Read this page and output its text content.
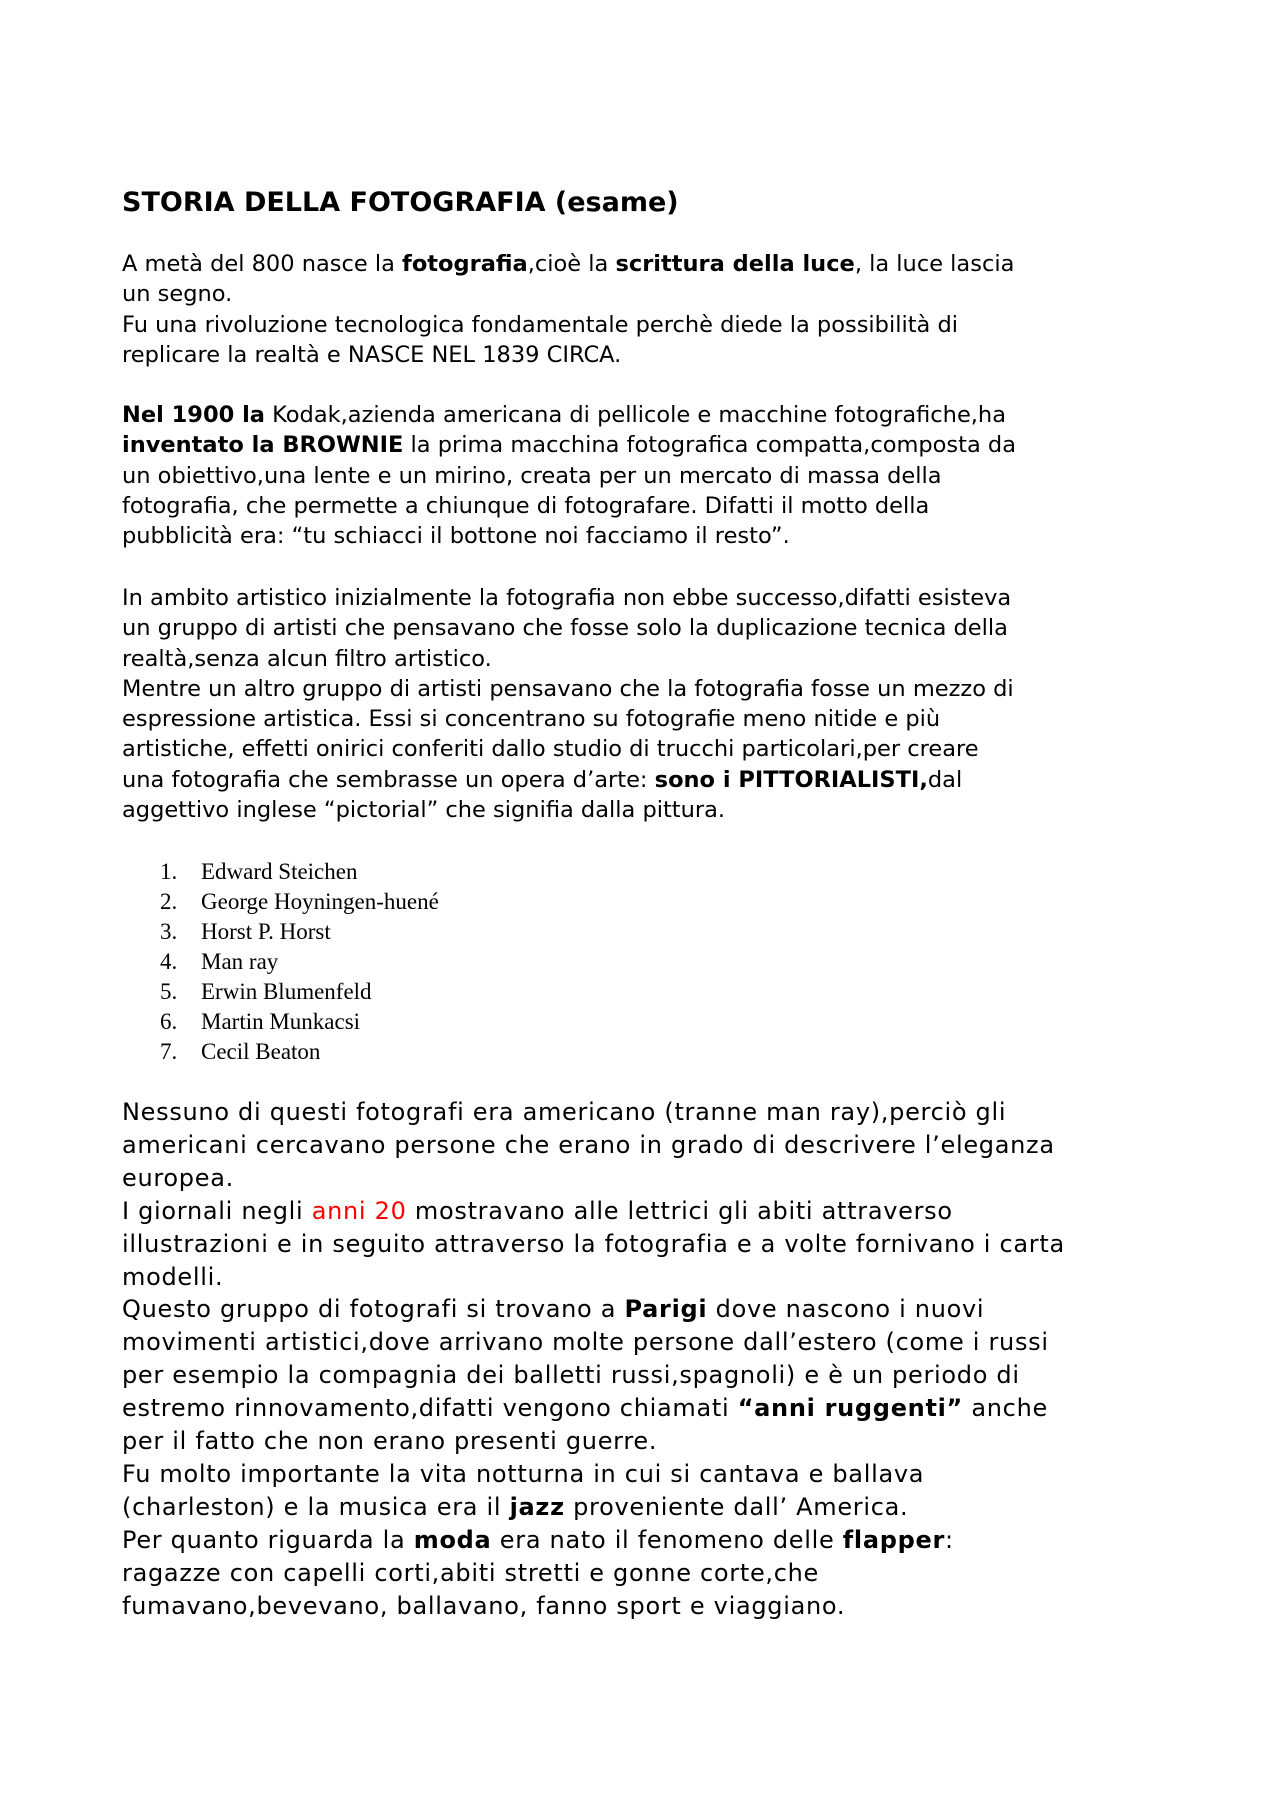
STORIA DELLA FOTOGRAFIA (esame)
A metà del 800 nasce la fotografia,cioè la scrittura della luce, la luce lascia
un segno.
Fu una rivoluzione tecnologica fondamentale perchè diede la possibilità di
replicare la realtà e NASCE NEL 1839 CIRCA.
Nel 1900 la Kodak,azienda americana di pellicole e macchine fotografiche,ha
inventato la BROWNIE la prima macchina fotografica compatta,composta da
un obiettivo,una lente e un mirino, creata per un mercato di massa della
fotografia, che permette a chiunque di fotografare. Difatti il motto della
pubblicità era: “tu schiacci il bottone noi facciamo il resto”.
In ambito artistico inizialmente la fotografia non ebbe successo,difatti esisteva
un gruppo di artisti che pensavano che fosse solo la duplicazione tecnica della
realtà,senza alcun filtro artistico.
Mentre un altro gruppo di artisti pensavano che la fotografia fosse un mezzo di
espressione artistica. Essi si concentrano su fotografie meno nitide e più
artistiche, effetti onirici conferiti dallo studio di trucchi particolari,per creare
una fotografia che sembrasse un opera d’arte: sono i PITTORIALISTI,dal
aggettivo inglese “pictorial” che signifia dalla pittura.
1.	Edward Steichen
2.	George Hoyningen-huené
3.	Horst P. Horst
4.	Man ray
5.	Erwin Blumenfeld
6.	Martin Munkacsi
7.	Cecil Beaton
Nessuno di questi fotografi era americano (tranne man ray),perciò gli
americani cercavano persone che erano in grado di descrivere l’eleganza
europea.
I giornali negli anni 20 mostravano alle lettrici gli abiti attraverso
illustrazioni e in seguito attraverso la fotografia e a volte fornivano i carta
modelli.
Questo gruppo di fotografi si trovano a Parigi dove nascono i nuovi
movimenti artistici,dove arrivano molte persone dall’estero (come i russi
per esempio la compagnia dei balletti russi,spagnoli) e è un periodo di
estremo rinnovamento,difatti vengono chiamati “anni ruggenti” anche
per il fatto che non erano presenti guerre.
Fu molto importante la vita notturna in cui si cantava e ballava
(charleston) e la musica era il jazz proveniente dall’ America.
Per quanto riguarda la moda era nato il fenomeno delle flapper:
ragazze con capelli corti,abiti stretti e gonne corte,che
fumavano,bevevano, ballavano, fanno sport e viaggiano.
